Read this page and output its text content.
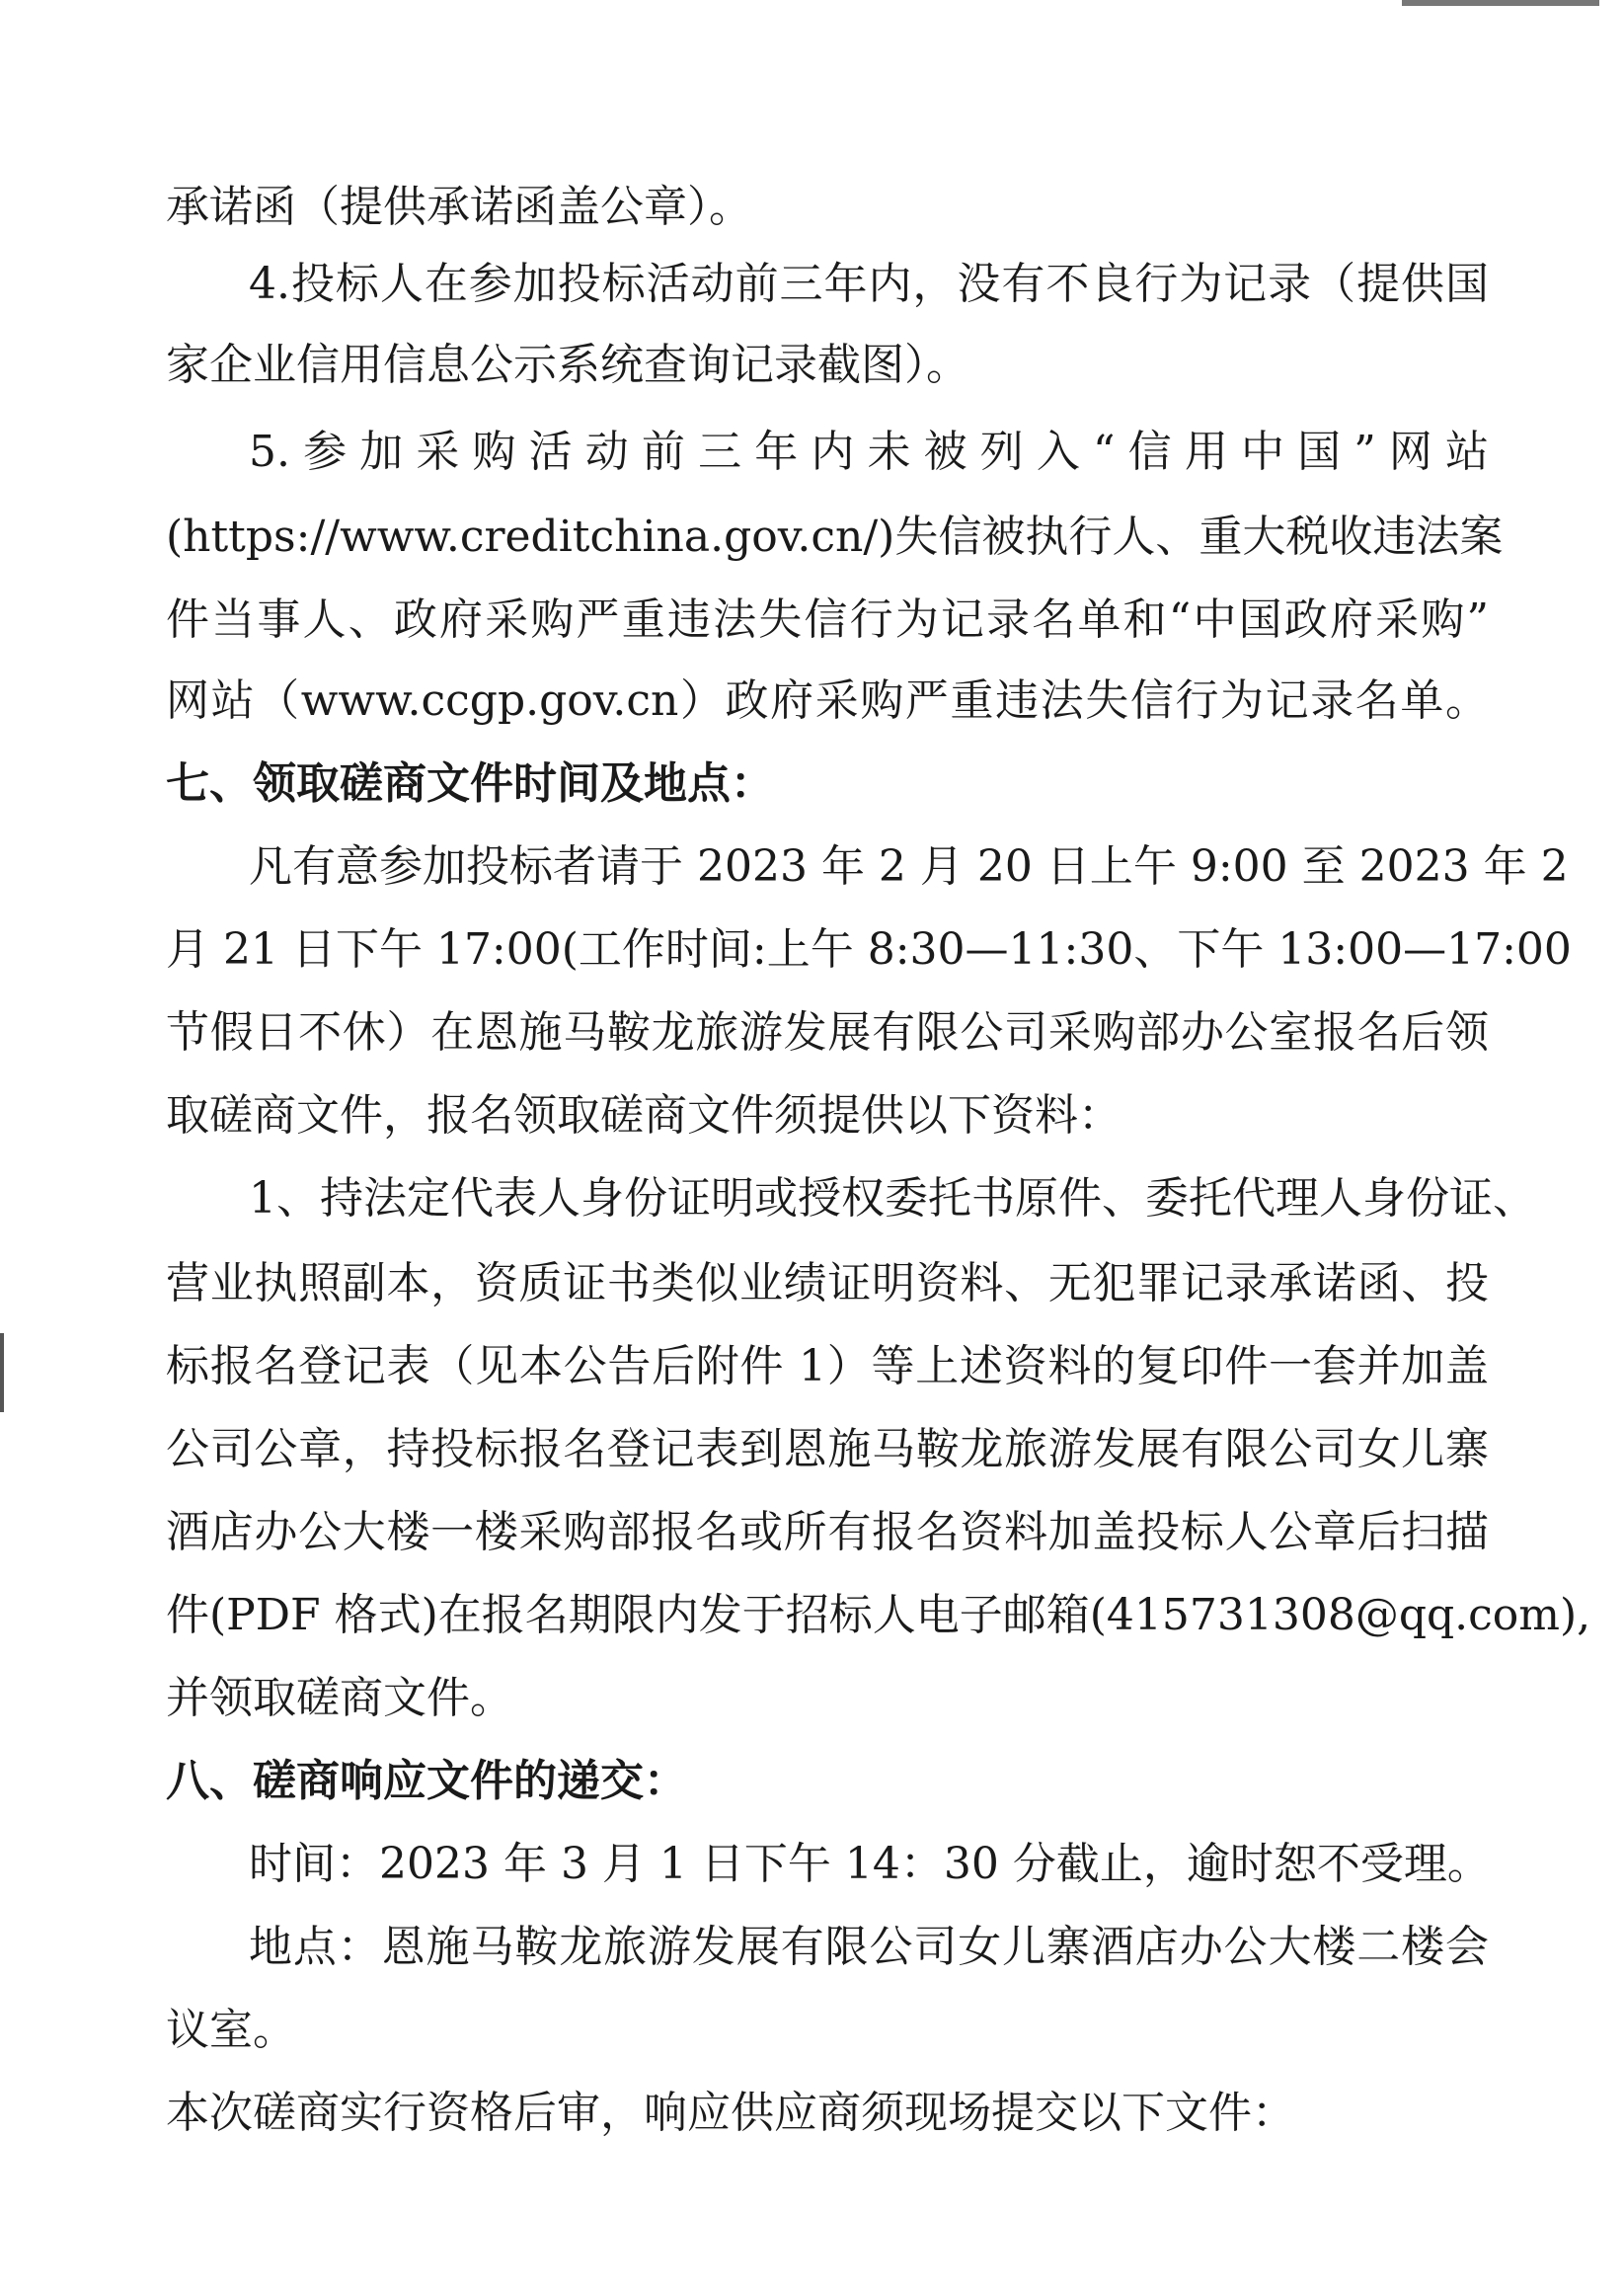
承诺函（提供承诺函盖公章）。
4.投标人在参加投标活动前三年内，没有不良行为记录（提供国
家企业信用信息公示系统查询记录截图）。
5.参加采购活动前三年内未被列入“信用中国”网站
(https://www.creditchina.gov.cn/)失信被执行人、重大税收违法案
件当事人、政府采购严重违法失信行为记录名单和“中国政府采购”
网站（www.ccgp.gov.cn）政府采购严重违法失信行为记录名单。
七、领取磋商文件时间及地点：
凡有意参加投标者请于 2023 年 2 月 20 日上午 9:00 至 2023 年 2
月 21 日下午 17:00(工作时间:上午 8:30—11:30、下午 13:00—17:00
节假日不休）在恩施马鞍龙旅游发展有限公司采购部办公室报名后领
取磋商文件，报名领取磋商文件须提供以下资料：
1、持法定代表人身份证明或授权委托书原件、委托代理人身份证、
营业执照副本，资质证书类似业绩证明资料、无犯罪记录承诺函、投
标报名登记表（见本公告后附件 1）等上述资料的复印件一套并加盖
公司公章，持投标报名登记表到恩施马鞍龙旅游发展有限公司女儿寨
酒店办公大楼一楼采购部报名或所有报名资料加盖投标人公章后扫描
件(PDF 格式)在报名期限内发于招标人电子邮箱(415731308@qq.com),
并领取磋商文件。
八、磋商响应文件的递交：
时间：2023 年 3 月 1 日下午 14：30 分截止，逾时恕不受理。
地点：恩施马鞍龙旅游发展有限公司女儿寨酒店办公大楼二楼会
议室。
本次磋商实行资格后审，响应供应商须现场提交以下文件：
